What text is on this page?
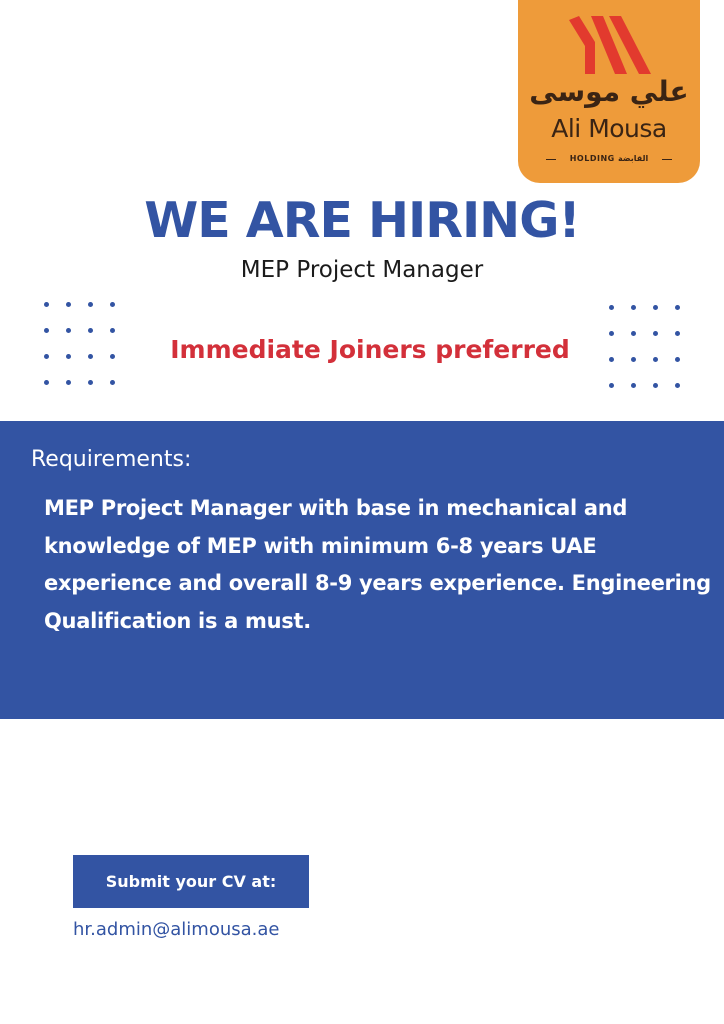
علي موسى
Ali Mousa
HOLDING القابضة
WE ARE HIRING!
MEP Project Manager
Immediate Joiners preferred
Requirements:
MEP Project Manager with base in mechanical and knowledge of MEP with minimum 6-8 years UAE experience and overall 8-9 years experience. Engineering Qualification is a must.
Submit your CV at:
hr.admin@alimousa.ae
